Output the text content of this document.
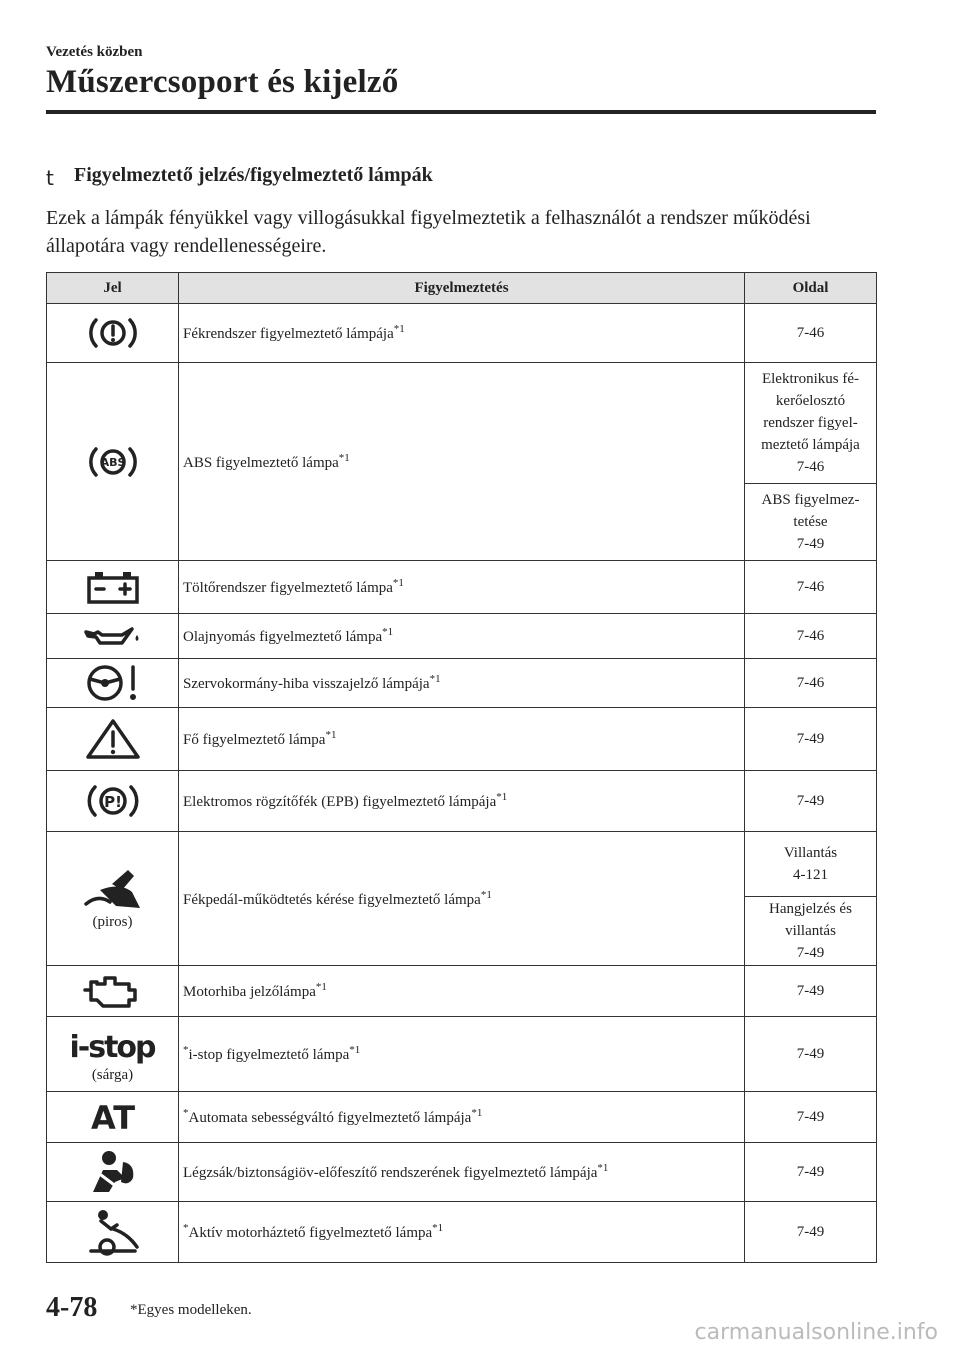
Vezetés közben
Műszercsoport és kijelző
t Figyelmeztető jelzés/figyelmeztető lámpák
Ezek a lámpák fényükkel vagy villogásukkal figyelmeztetik a felhasználót a rendszer működési állapotára vagy rendellenességeire.
Jel	Figyelmeztetés	Oldal

	Fékrendszer figyelmeztető lámpája$^{*1}$	7-46

ABS	ABS figyelmeztető lámpa$^{*1}$	Elektronikus fé-
kerőelosztó
rendszer figyel-
meztető lámpája
7-46
		ABS figyelmez-
tetése
7-49

	Töltőrendszer figyelmeztető lámpa$^{*1}$	7-46

	Olajnyomás figyelmeztető lámpa$^{*1}$	7-46

	Szervokormány-hiba visszajelző lámpája$^{*1}$	7-46

	Fő figyelmeztető lámpa$^{*1}$	7-49

P!	Elektromos rögzítőfék (EPB) figyelmeztető lámpája$^{*1}$	7-49

(piros)	Fékpedál-működtetés kérése figyelmeztető lámpa$^{*1}$	Villantás
4-121
		Hangjelzés és
villantás
7-49

	Motorhiba jelzőlámpa$^{*1}$	7-49

i-stop
(sárga)	*i-stop figyelmeztető lámpa$^{*1}$	7-49

AT	*Automata sebességváltó figyelmeztető lámpája$^{*1}$	7-49

	Légzsák/biztonságiöv-előfeszítő rendszerének figyelmeztető lámpája$^{*1}$	7-49

	*Aktív motorháztető figyelmeztető lámpa$^{*1}$	7-49
4-78 *Egyes modelleken.
carmanualsonline.info
